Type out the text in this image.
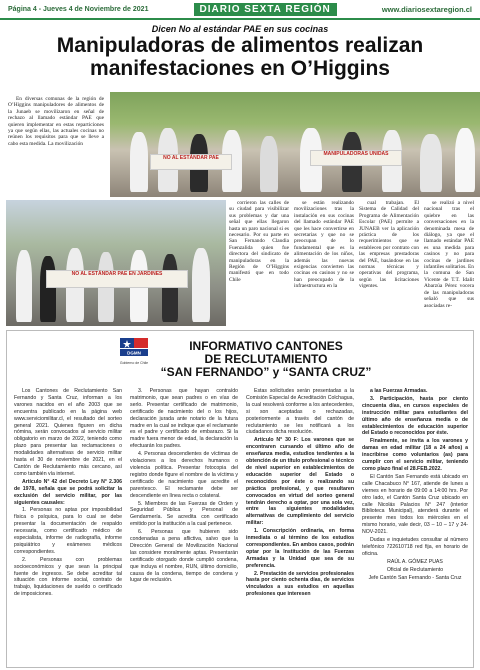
Página 4 - Jueves 4 de Noviembre de 2021	DIARIO SEXTA REGIÓN	www.diariosextaregion.cl
Dicen No al estándar PAE en sus cocinas
Manipuladoras de alimentos realizan manifestaciones en O’Higgins

En diversas comunas de la región de O’Higgins manipuladores de alimentos de la Junaeb se movilizaron en señal de rechazo al llamado estándar PAE que quieren implementar en estas reparticiones ya que según ellas, las actuales cocinas no reúnen los requisitos para que se lleve a cabo esta medida. La movilización

NO AL ESTÁNDAR PAE
MANIPULADORAS UNIDAS
NO AL ESTÁNDAR PAE EN JARDINES

corrieron las calles de su ciudad para visibilizar sus problemas y dar una señal que ellas llegaron hasta un paro nacional si es necesario. Por su parte en San Fernando Claudia Fuenzalida quien fue directora del sindicato de manipuladoras en la Región de O’Higgins manifestó que en todo Chile

se están realizando movilizaciones tras la instalación en sus cocinas del llamado estándar PAE que les hace convertirse en secretarias y que no se preocupan de lo fundamental que es la alimentación de los niños, además las nuevas exigencias convierten las cocinas en casinos y no se han preocupado de la infraestructura en la

cual trabajan. El Sistema de Calidad del Programa de Alimentación Escolar (PAE) permite a JUNAEB ver la aplicación práctica de los requerimientos que se establecen por contrato con las empresas prestadoras del PAE, basándose en las normas técnicas y operativas del programa, según las licitaciones vigentes.

se realizó a nivel nacional tras el quiebre en las conversaciones en la denominada mesa de diálogo, ya que el llamado estándar PAE es una medida para casinos y no para cocinas de jardines infantiles solitarios. En la comuna de San Vicente de T.T. Idalit Abarzúa Pérez vocera de las manipuladoras señaló que sus asociadas re-

DGMN
Gobierno de Chile
INFORMATIVO CANTONES
DE RECLUTAMIENTO
“SAN FERNANDO” y “SANTA CRUZ”

Los Cantones de Reclutamiento San Fernando y Santa Cruz, informan a los varones nacidos en el año 2003 que se encuentra publicado en la página web www.serviciomilitar.cl, el resultado del sorteo general 2021. Quienes figuren en dicha nómina, serán convocados al servicio militar obligatorio en marzo de 2022, teniendo como plazo para presentar las reclamaciones o modalidades alternativas de servicio militar hasta el 30 de noviembre de 2021, en el Cantón de Reclutamiento más cercano, así como también vía internet.

Artículo N° 42 del Decreto Ley N° 2.306 de 1978, señala que se podrá solicitar la exclusión del servicio militar, por las siguientes causales:

1. Personas no aptas por imposibilidad física o psíquica, para lo cual se debe presentar la documentación de respaldo necesaria, como certificado médico de especialista, informe de radiografía, informe psiquiátrico y exámenes médicos correspondientes.

2. Personas con problemas socioeconómicos y que sean la principal fuente de ingresos. Se debe acreditar tal situación con informe social, contrato de trabajo, liquidaciones de sueldo o certificado de imposiciones.

3. Personas que hayan contraído matrimonio, que sean padres o en vías de serlo. Presentar certificado de matrimonio, certificado de nacimiento del o los hijos, declaración jurada ante notario de la futura madre en la cual se indique que el reclamante es el padre y certificado de embarazo. Si la madre fuera menor de edad, la declaración la efectuarán los padres.

4. Personas descendientes de víctimas de violaciones a los derechos humanos o violencia política. Presentar fotocopia del registro donde figure el nombre de la víctima y certificado de nacimiento que acredite el parentesco. El reclamante debe ser descendiente en línea recta o colateral.

5. Miembros de las Fuerzas de Orden y Seguridad Pública y Personal de Gendarmería. Se acredita con certificado emitido por la institución a la cual pertenece.

6. Personas que hubieren sido condenadas a pena aflictiva, salvo que la Dirección General de Movilización Nacional las considere moralmente aptas. Presentarán certificado otorgado donde cumplió condena, que incluya el nombre, RUN, último domicilio, causa de la condena, tiempo de condena y lugar de reclusión.

Estas solicitudes serán presentadas a la Comisión Especial de Acreditación Colchagua, la cual resolverá conforme a los antecedentes, si son aceptadas o rechazadas, posteriormente a través del cantón de reclutamiento se les notificará a los ciudadanos dicha resolución.

Artículo N° 30 F: Los varones que se encontraren cursando el último año de enseñanza media, estudios tendientes a la obtención de un título profesional o técnico de nivel superior en establecimientos de educación superior del Estado o reconocidos por éste o realizando su práctica profesional, y que resultaren convocados en virtud del sorteo general tendrán derecho a optar, por una sola vez, entre las siguientes modalidades alternativas de cumplimiento del servicio militar:

1. Conscripción ordinaria, en forma inmediata o al término de los estudios correspondientes. En ambos casos, podrán optar por la Institución de las Fuerzas Armadas y la Unidad que sea de su preferencia.

2. Prestación de servicios profesionales hasta por ciento ochenta días, de servicios vinculados a sus estudios en aquellas profesiones que interesen

a las Fuerzas Armadas.

3. Participación, hasta por ciento cincuenta días, en cursos especiales de instrucción militar para estudiantes del último año de enseñanza media o de establecimientos de educación superior del Estado o reconocidos por éste.

Finalmente, se invita a los varones y damas en edad militar (18 a 24 años) a inscribirse como voluntarios (as) para cumplir con el servicio militar, teniendo como plazo final el 28.FEB.2022.

El Cantón San Fernando está ubicado en calle Chacabuco N° 167, atiende de lunes a viernes en horario de 09:00 a 14:00 hrs. Por otro lado, el Cantón Santa Cruz ubicado en calle Nicolás Palacios N° 247 (interior Biblioteca Municipal), atenderá durante el presente mes todos los miércoles en el mismo horario, vale decir, 03 – 10 – 17 y 24-NOV-2021.

Dudas e inquietudes consultar al número telefónico 722610718 red fija, en horario de oficina.

RAÚL A. GÓMEZ PUAS

Oficial de Reclutamiento

Jefe Cantón San Fernando - Santa Cruz
